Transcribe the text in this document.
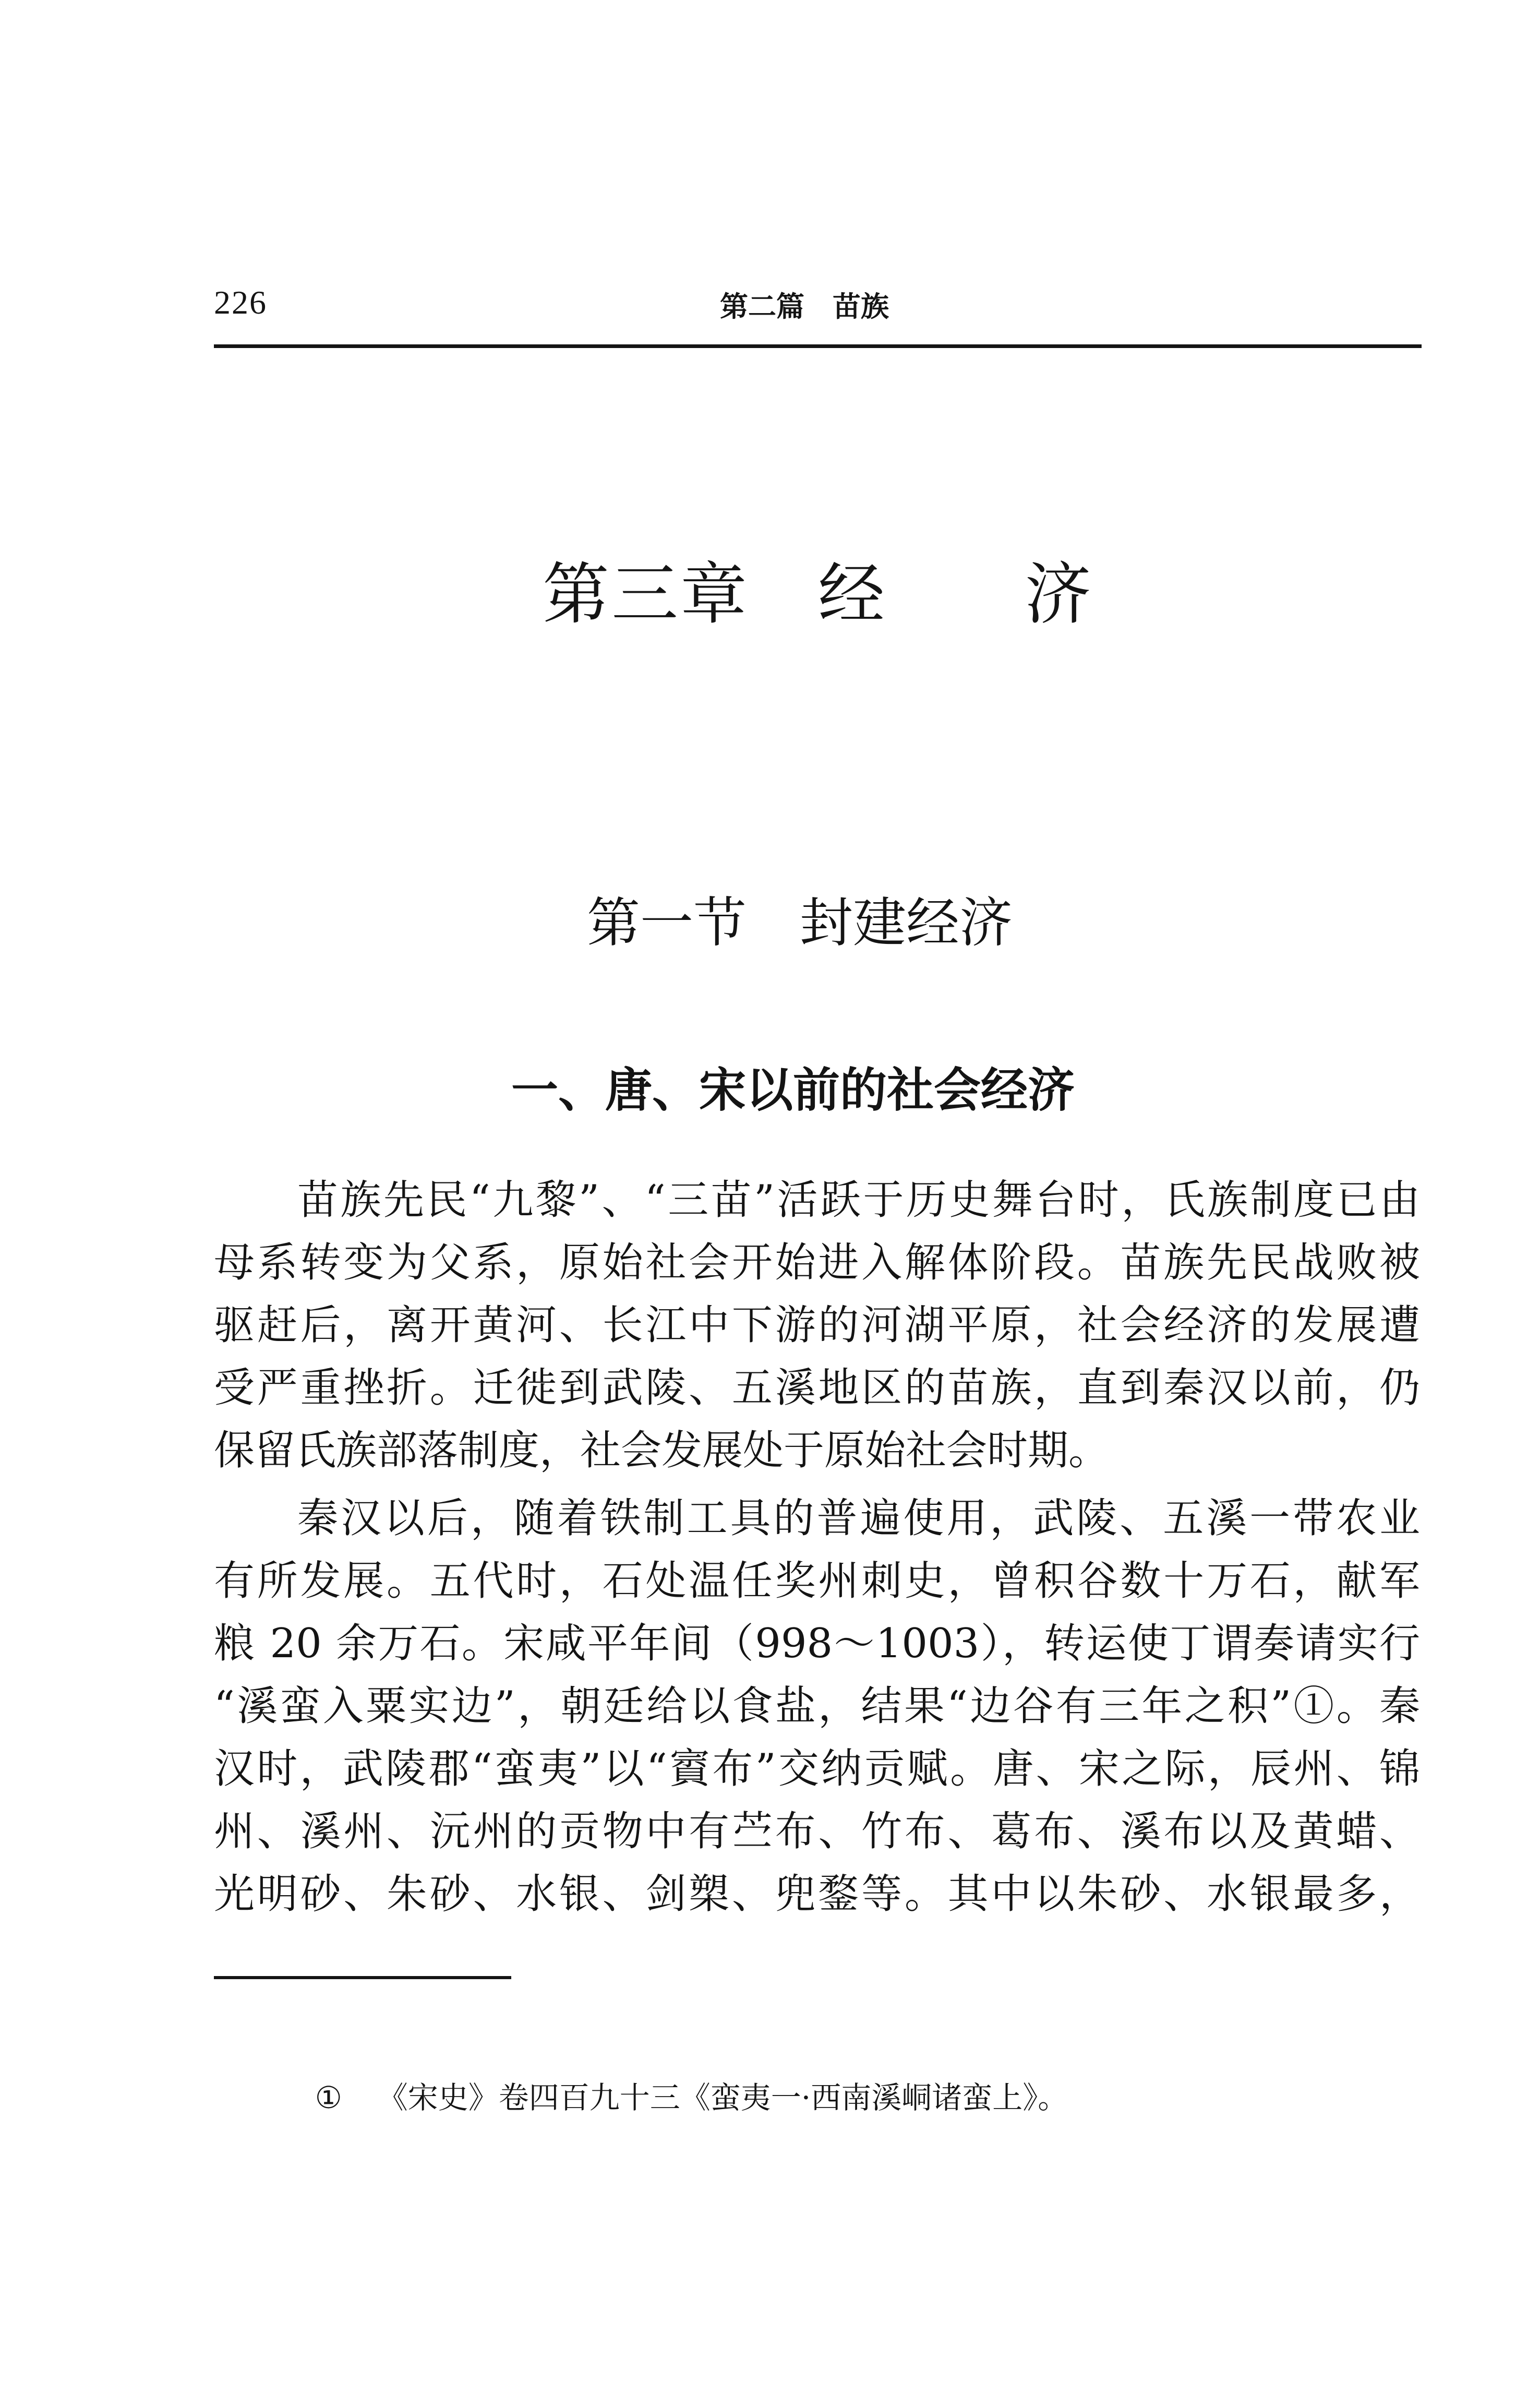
226	第二篇　苗族
第三章　经　　济
第一节　封建经济
一、唐、宋以前的社会经济
苗族先民“九黎”、“三苗”活跃于历史舞台时，氏族制度已由
母系转变为父系，原始社会开始进入解体阶段。苗族先民战败被
驱赶后，离开黄河、长江中下游的河湖平原，社会经济的发展遭
受严重挫折。迁徙到武陵、五溪地区的苗族，直到秦汉以前，仍
保留氏族部落制度，社会发展处于原始社会时期。
秦汉以后，随着铁制工具的普遍使用，武陵、五溪一带农业
有所发展。五代时，石处温任奖州刺史，曾积谷数十万石，献军
粮 20 余万石。宋咸平年间（998～1003），转运使丁谓奏请实行
“溪蛮入粟实边”，朝廷给以食盐，结果“边谷有三年之积”①。秦
汉时，武陵郡“蛮夷”以“賨布”交纳贡赋。唐、宋之际，辰州、锦
州、溪州、沅州的贡物中有苎布、竹布、葛布、溪布以及黄蜡、
光明砂、朱砂、水银、剑槊、兜鍪等。其中以朱砂、水银最多，

① 《宋史》卷四百九十三《蛮夷一·西南溪峒诸蛮上》。
